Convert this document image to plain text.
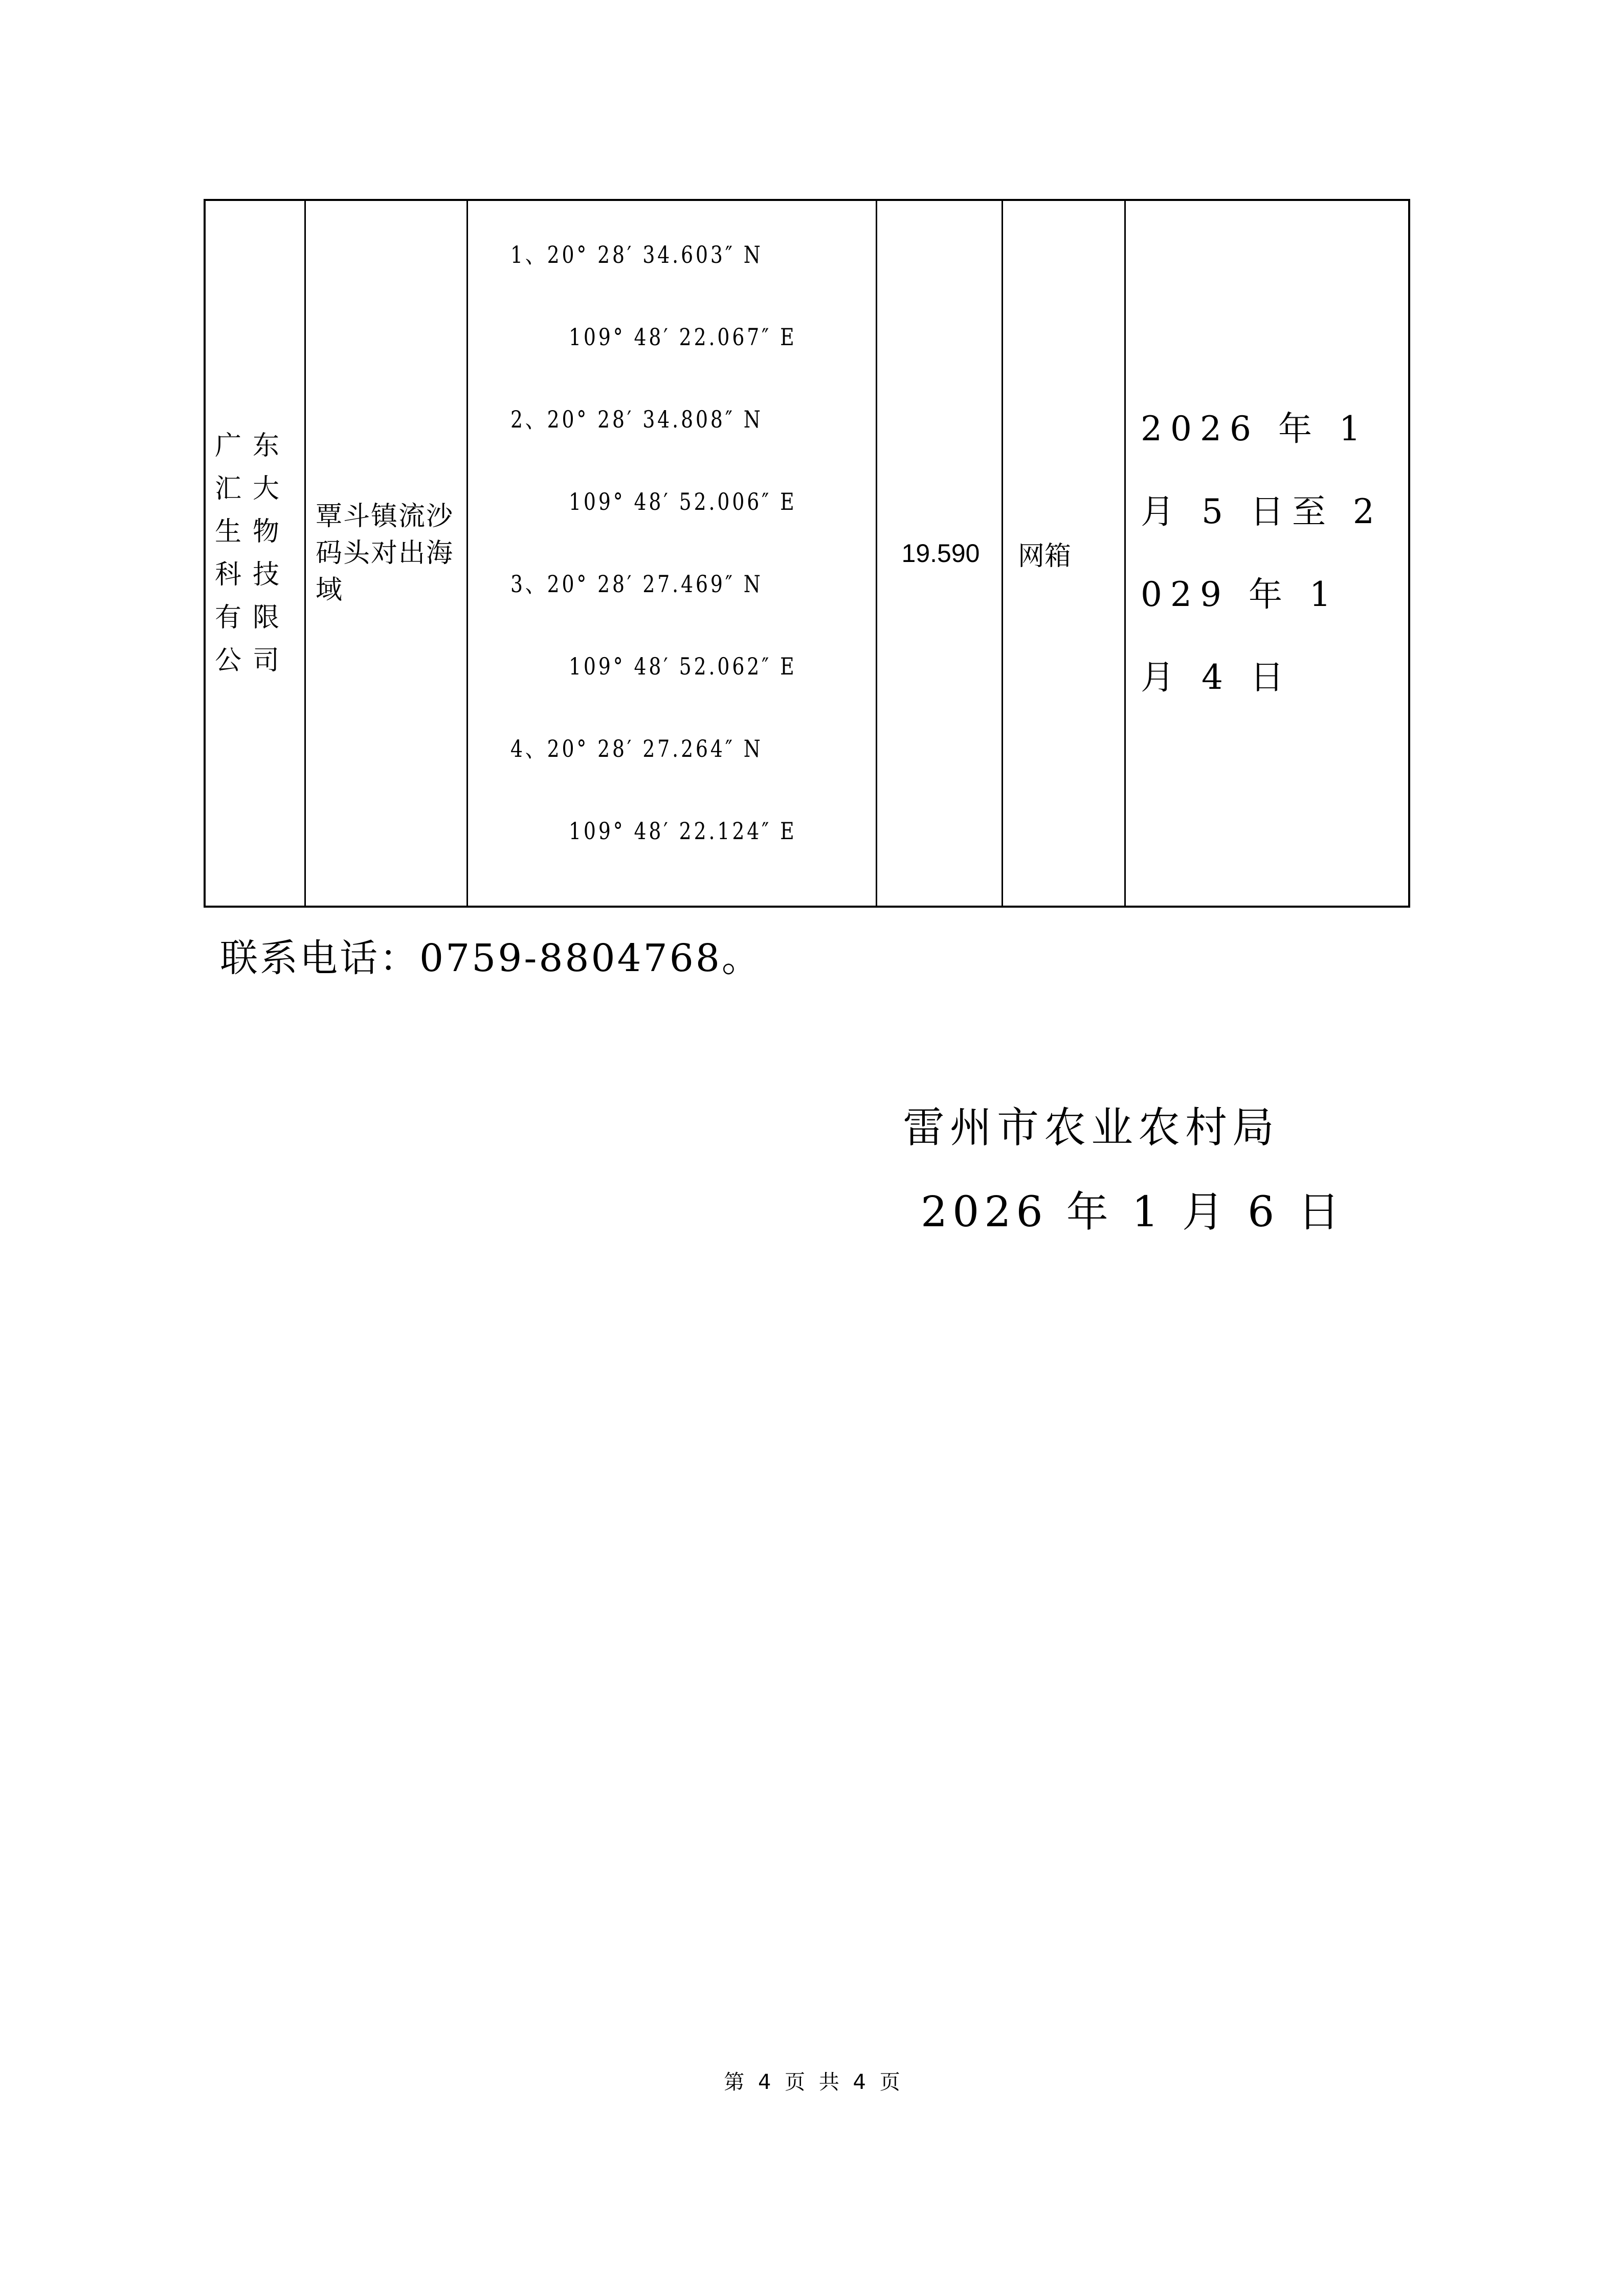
广东汇大生物科技有限公司
覃斗镇流沙码头对出海域
1、20° 28′ 34.603″ N
109° 48′ 22.067″ E
2、20° 28′ 34.808″ N
109° 48′ 52.006″ E
3、20° 28′ 27.469″ N
109° 48′ 52.062″ E
4、20° 28′ 27.264″ N
109° 48′ 22.124″ E
19.590 网箱
2026 年 1 月 5 日至 2029 年 1 月 4 日
联系电话：0759-8804768。
雷州市农业农村局
2026 年 1 月 6 日
第 4 页 共 4 页
